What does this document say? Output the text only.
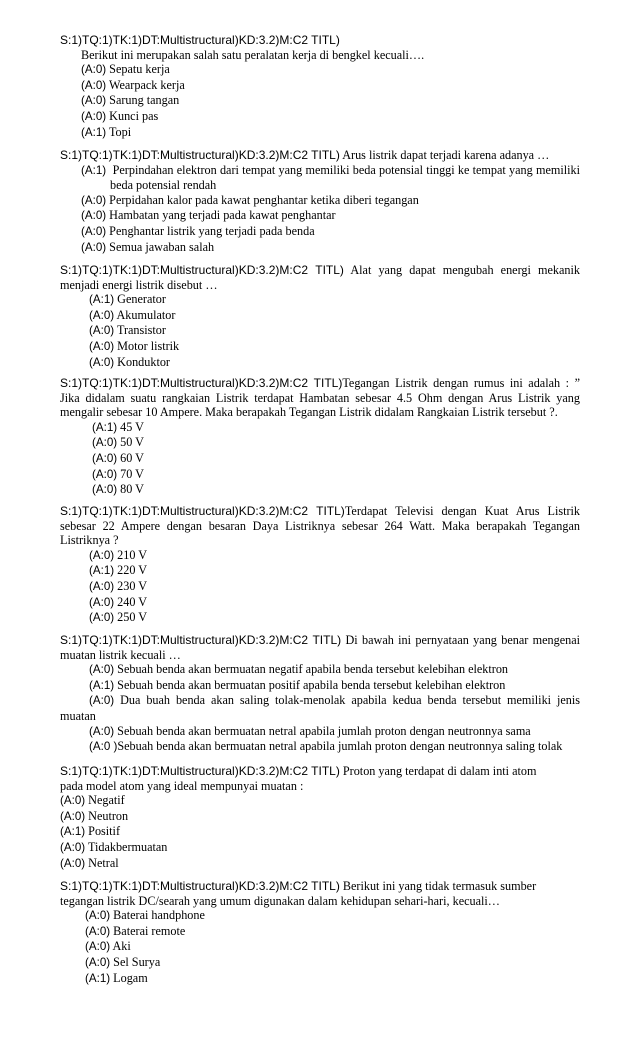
S:1)TQ:1)TK:1)DT:Multistructural)KD:3.2)M:C2 TITL)
Berikut ini merupakan salah satu peralatan kerja di bengkel kecuali….
(A:0) Sepatu kerja
(A:0) Wearpack kerja
(A:0) Sarung tangan
(A:0) Kunci pas
(A:1) Topi
S:1)TQ:1)TK:1)DT:Multistructural)KD:3.2)M:C2 TITL) Arus listrik dapat terjadi karena adanya …
(A:1) Perpindahan elektron dari tempat yang memiliki beda potensial tinggi ke tempat yang memiliki beda potensial rendah
(A:0) Perpidahan kalor pada kawat penghantar ketika diberi tegangan
(A:0) Hambatan yang terjadi pada kawat penghantar
(A:0) Penghantar listrik yang terjadi pada benda
(A:0) Semua jawaban salah
S:1)TQ:1)TK:1)DT:Multistructural)KD:3.2)M:C2 TITL) Alat yang dapat mengubah energi mekanik menjadi energi listrik disebut …
(A:1) Generator
(A:0) Akumulator
(A:0) Transistor
(A:0) Motor listrik
(A:0) Konduktor
S:1)TQ:1)TK:1)DT:Multistructural)KD:3.2)M:C2 TITL)Tegangan Listrik dengan rumus ini adalah : ” Jika didalam suatu rangkaian Listrik terdapat Hambatan sebesar 4.5 Ohm dengan Arus Listrik yang mengalir sebesar 10 Ampere. Maka berapakah Tegangan Listrik didalam Rangkaian Listrik tersebut ?.
(A:1) 45 V
(A:0) 50 V
(A:0) 60 V
(A:0) 70 V
(A:0) 80 V
S:1)TQ:1)TK:1)DT:Multistructural)KD:3.2)M:C2 TITL)Terdapat Televisi dengan Kuat Arus Listrik sebesar 22 Ampere dengan besaran Daya Listriknya sebesar 264 Watt. Maka berapakah Tegangan Listriknya ?
(A:0) 210 V
(A:1) 220 V
(A:0) 230 V
(A:0) 240 V
(A:0) 250 V
S:1)TQ:1)TK:1)DT:Multistructural)KD:3.2)M:C2 TITL) Di bawah ini pernyataan yang benar mengenai muatan listrik kecuali …
(A:0) Sebuah benda akan bermuatan negatif apabila benda tersebut kelebihan elektron
(A:1) Sebuah benda akan bermuatan positif apabila benda tersebut kelebihan elektron
(A:0) Dua buah benda akan saling tolak-menolak apabila kedua benda tersebut memiliki jenis muatan
(A:0) Sebuah benda akan bermuatan netral apabila jumlah proton dengan neutronnya sama
(A:0 )Sebuah benda akan bermuatan netral apabila jumlah proton dengan neutronnya saling tolak
S:1)TQ:1)TK:1)DT:Multistructural)KD:3.2)M:C2 TITL) Proton yang terdapat di dalam inti atom pada model atom yang ideal mempunyai muatan :
(A:0) Negatif
(A:0) Neutron
(A:1) Positif
(A:0) Tidakbermuatan
(A:0) Netral
S:1)TQ:1)TK:1)DT:Multistructural)KD:3.2)M:C2 TITL) Berikut ini yang tidak termasuk sumber tegangan listrik DC/searah yang umum digunakan dalam kehidupan sehari-hari, kecuali…
(A:0) Baterai handphone
(A:0) Baterai remote
(A:0) Aki
(A:0) Sel Surya
(A:1) Logam
